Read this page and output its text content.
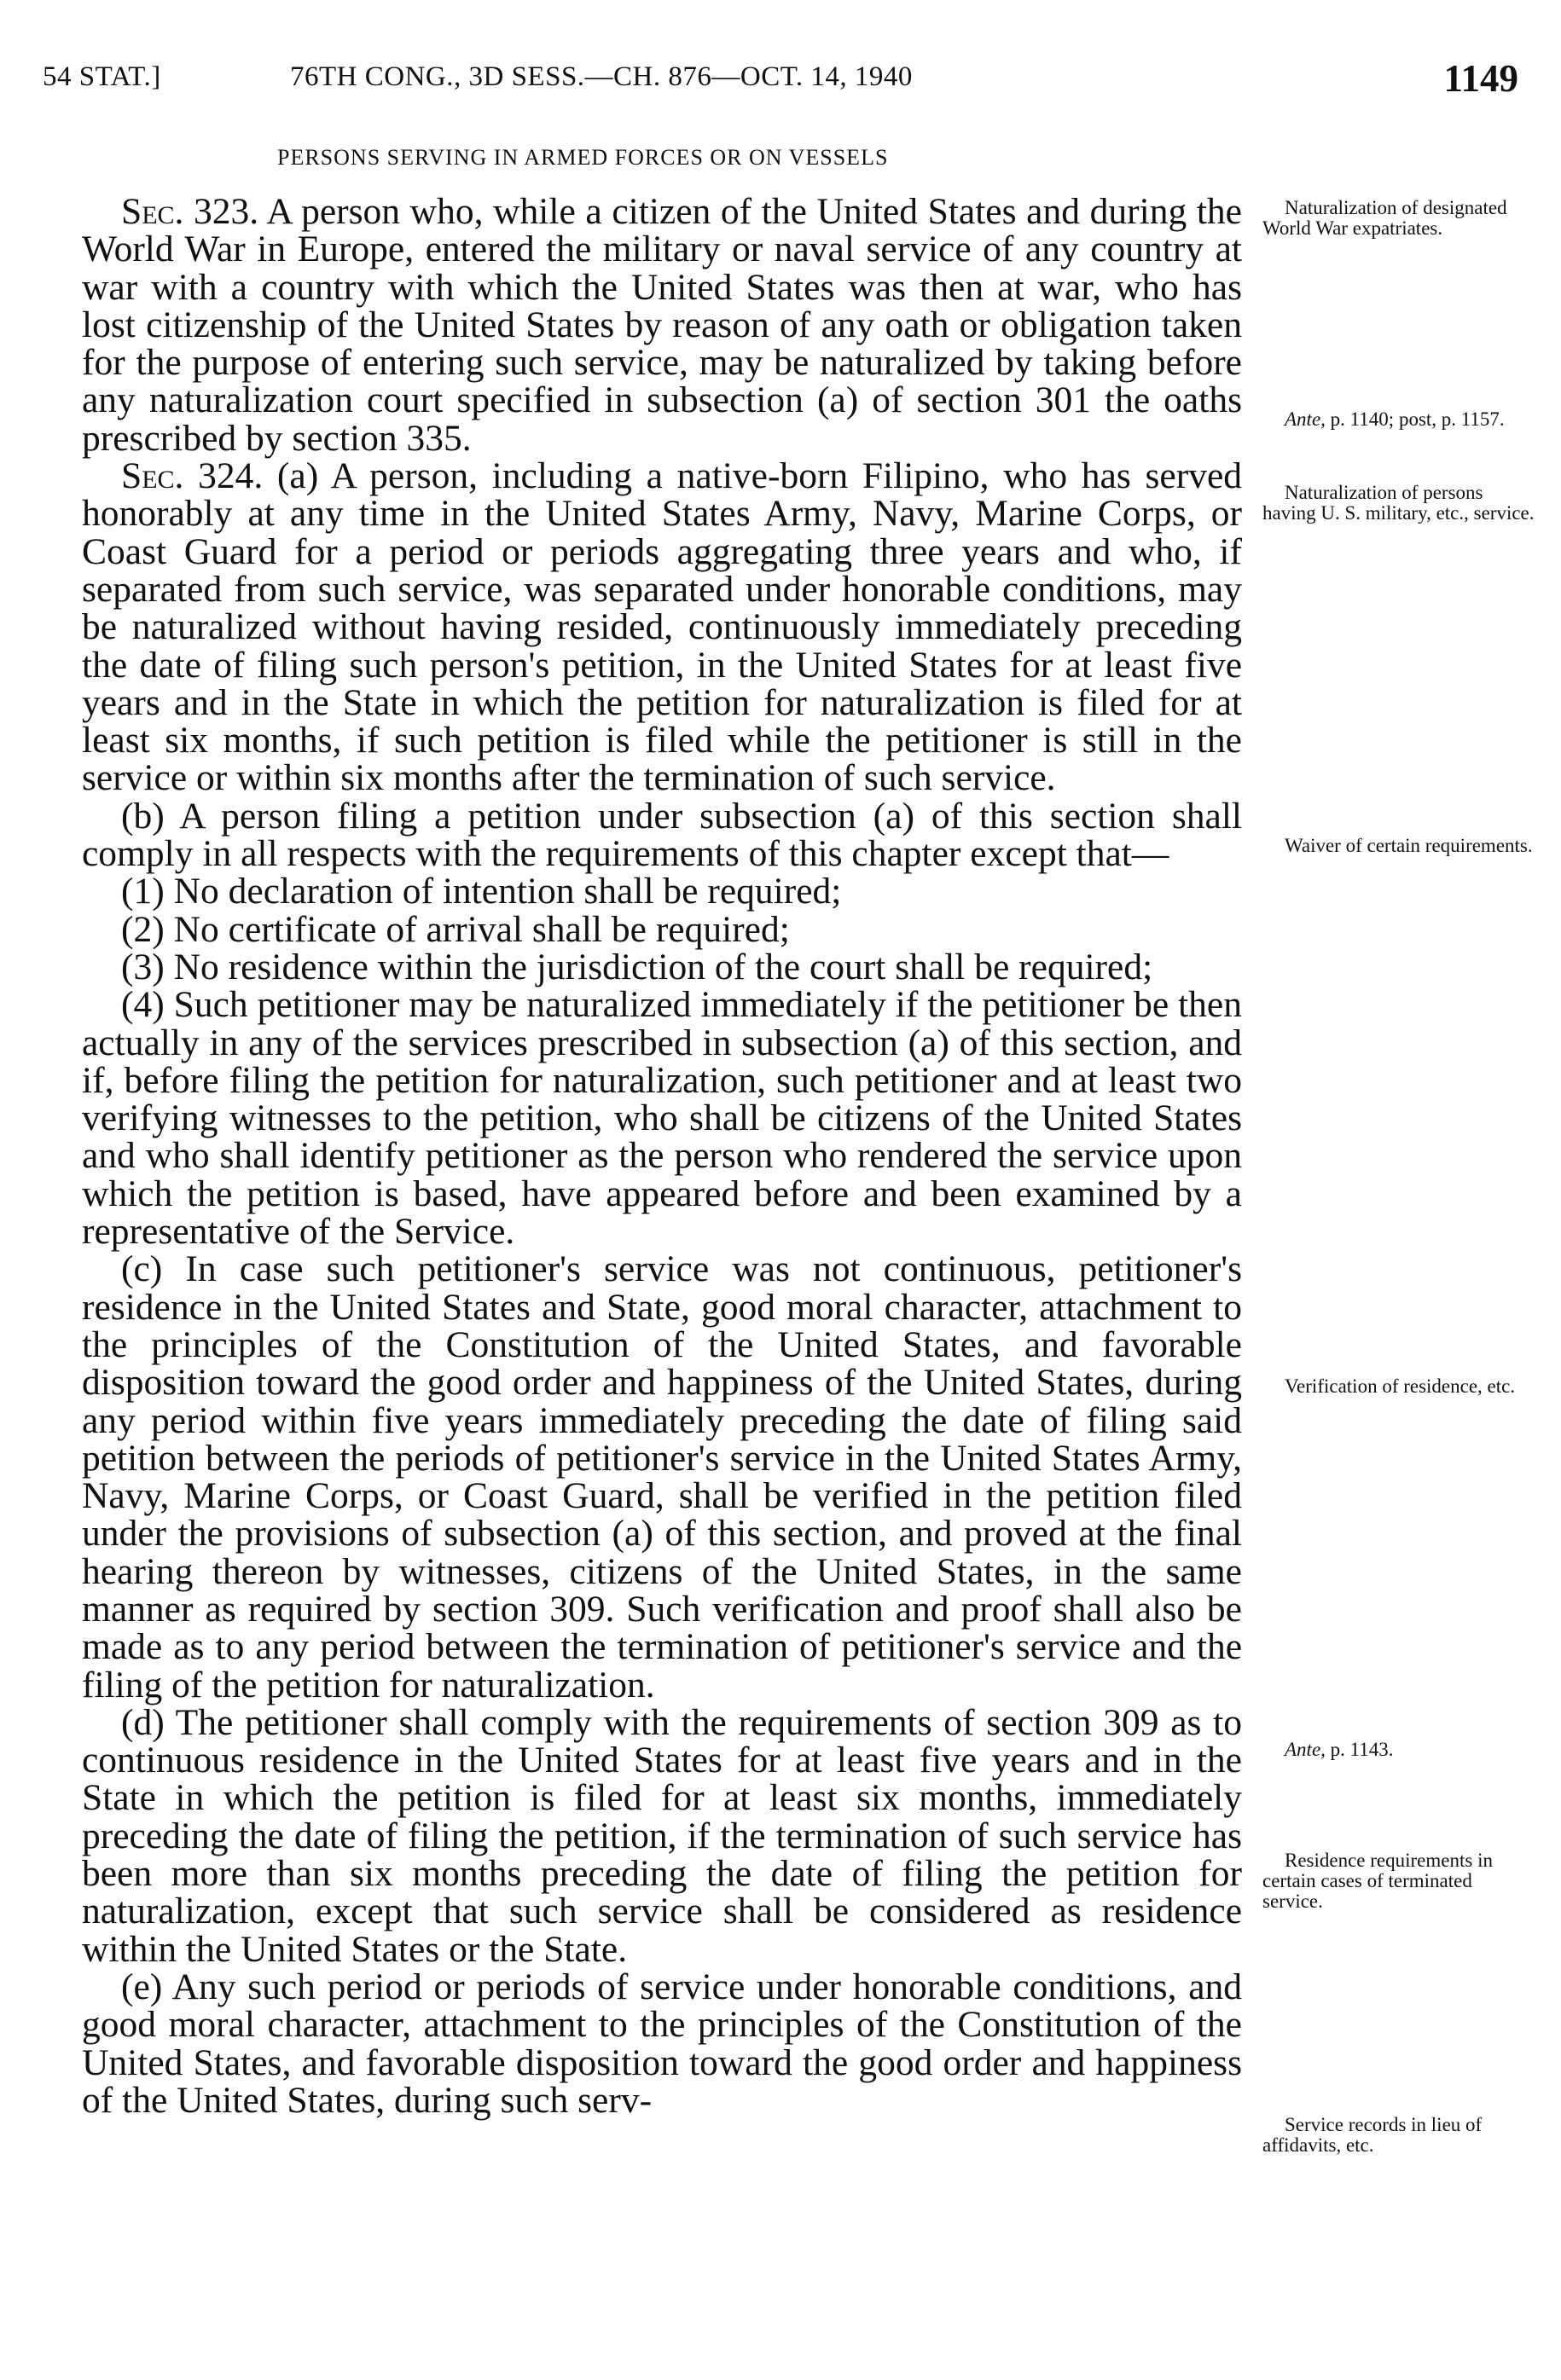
54 STAT.]	76TH CONG., 3D SESS.—CH. 876—OCT. 14, 1940	1149
PERSONS SERVING IN ARMED FORCES OR ON VESSELS

Sec. 323. A person who, while a citizen of the United States and during the World War in Europe, entered the military or naval service of any country at war with a country with which the United States was then at war, who has lost citizenship of the United States by reason of any oath or obligation taken for the purpose of entering such service, may be naturalized by taking before any naturalization court specified in subsection (a) of section 301 the oaths prescribed by section 335.

Sec. 324. (a) A person, including a native-born Filipino, who has served honorably at any time in the United States Army, Navy, Marine Corps, or Coast Guard for a period or periods aggregating three years and who, if separated from such service, was separated under honorable conditions, may be naturalized without having resided, continuously immediately preceding the date of filing such person's petition, in the United States for at least five years and in the State in which the petition for naturalization is filed for at least six months, if such petition is filed while the petitioner is still in the service or within six months after the termination of such service.

(b) A person filing a petition under subsection (a) of this section shall comply in all respects with the requirements of this chapter except that—

(1) No declaration of intention shall be required;

(2) No certificate of arrival shall be required;

(3) No residence within the jurisdiction of the court shall be required;

(4) Such petitioner may be naturalized immediately if the petitioner be then actually in any of the services prescribed in subsection (a) of this section, and if, before filing the petition for naturalization, such petitioner and at least two verifying witnesses to the petition, who shall be citizens of the United States and who shall identify petitioner as the person who rendered the service upon which the petition is based, have appeared before and been examined by a representative of the Service.

(c) In case such petitioner's service was not continuous, petitioner's residence in the United States and State, good moral character, attachment to the principles of the Constitution of the United States, and favorable disposition toward the good order and happiness of the United States, during any period within five years immediately preceding the date of filing said petition between the periods of petitioner's service in the United States Army, Navy, Marine Corps, or Coast Guard, shall be verified in the petition filed under the provisions of subsection (a) of this section, and proved at the final hearing thereon by witnesses, citizens of the United States, in the same manner as required by section 309. Such verification and proof shall also be made as to any period between the termination of petitioner's service and the filing of the petition for naturalization.

(d) The petitioner shall comply with the requirements of section 309 as to continuous residence in the United States for at least five years and in the State in which the petition is filed for at least six months, immediately preceding the date of filing the petition, if the termination of such service has been more than six months preceding the date of filing the petition for naturalization, except that such service shall be considered as residence within the United States or the State.

(e) Any such period or periods of service under honorable conditions, and good moral character, attachment to the principles of the Constitution of the United States, and favorable disposition toward the good order and happiness of the United States, during such serv-

Naturalization of designated World War expatriates.
Ante, p. 1140; post, p. 1157.
Naturalization of persons having U. S. military, etc., service.
Waiver of certain requirements.
Verification of residence, etc.
Ante, p. 1143.
Residence requirements in certain cases of terminated service.
Service records in lieu of affidavits, etc.
